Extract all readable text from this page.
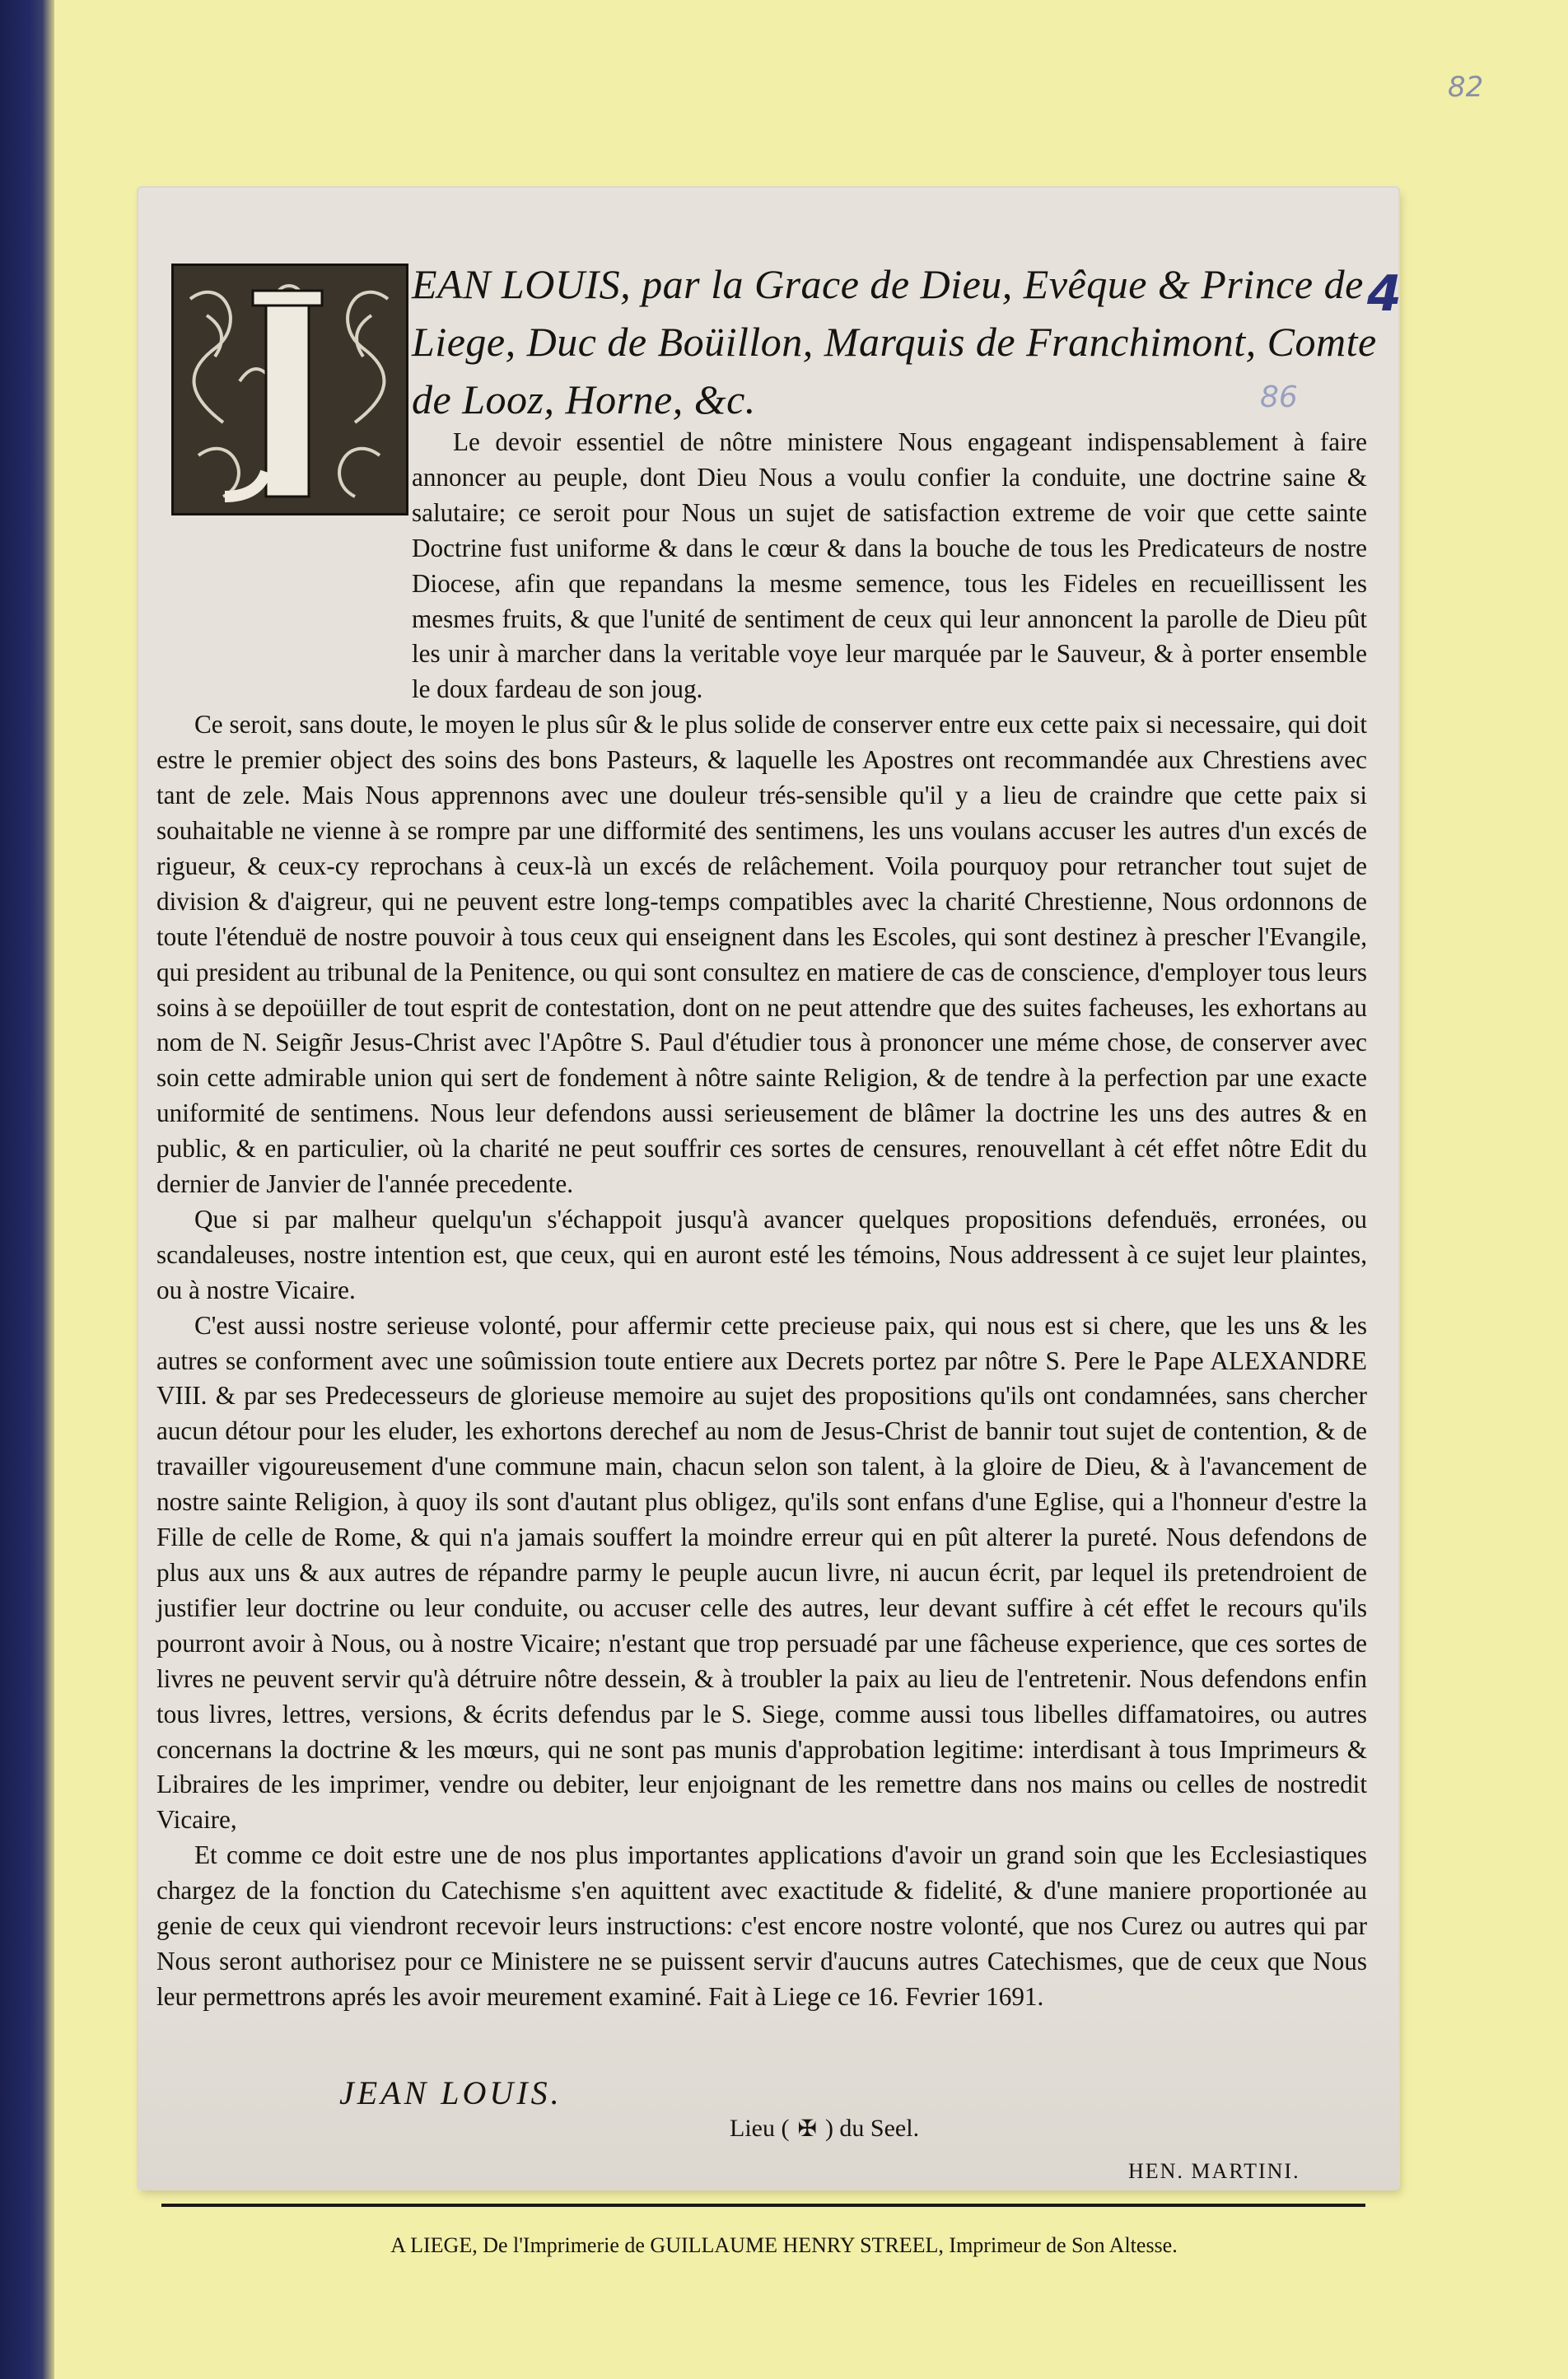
82
4
86
EAN LOUIS, par la Grace de Dieu, Evêque & Prince de Liege, Duc de Boüillon, Marquis de Franchimont, Comte de Looz, Horne, &c.

Le devoir essentiel de nôtre ministere Nous engageant indispensablement à faire annoncer au peuple, dont Dieu Nous a voulu confier la conduite, une doctrine saine & salutaire; ce seroit pour Nous un sujet de satisfaction extreme de voir que cette sainte Doctrine fust uniforme & dans le cœur & dans la bouche de tous les Predicateurs de nostre Diocese, afin que repandans la mesme semence, tous les Fideles en recueillissent les mesmes fruits, & que l'unité de sentiment de ceux qui leur annoncent la parolle de Dieu pût les unir à marcher dans la veritable voye leur marquée par le Sauveur, & à porter ensemble le doux fardeau de son joug.

Ce seroit, sans doute, le moyen le plus sûr & le plus solide de conserver entre eux cette paix si necessaire, qui doit estre le premier object des soins des bons Pasteurs, & laquelle les Apostres ont recommandée aux Chrestiens avec tant de zele. Mais Nous apprennons avec une douleur trés-sensible qu'il y a lieu de craindre que cette paix si souhaitable ne vienne à se rompre par une difformité des sentimens, les uns voulans accuser les autres d'un excés de rigueur, & ceux-cy reprochans à ceux-là un excés de relâchement. Voila pourquoy pour retrancher tout sujet de division & d'aigreur, qui ne peuvent estre long-temps compatibles avec la charité Chrestienne, Nous ordonnons de toute l'étenduë de nostre pouvoir à tous ceux qui enseignent dans les Escoles, qui sont destinez à prescher l'Evangile, qui president au tribunal de la Penitence, ou qui sont consultez en matiere de cas de conscience, d'employer tous leurs soins à se depoüiller de tout esprit de contestation, dont on ne peut attendre que des suites facheuses, les exhortans au nom de N. Seigñr Jesus-Christ avec l'Apôtre S. Paul d'étudier tous à prononcer une méme chose, de conserver avec soin cette admirable union qui sert de fondement à nôtre sainte Religion, & de tendre à la perfection par une exacte uniformité de sentimens. Nous leur defendons aussi serieusement de blâmer la doctrine les uns des autres & en public, & en particulier, où la charité ne peut souffrir ces sortes de censures, renouvellant à cét effet nôtre Edit du dernier de Janvier de l'année precedente.

Que si par malheur quelqu'un s'échappoit jusqu'à avancer quelques propositions defenduës, erronées, ou scandaleuses, nostre intention est, que ceux, qui en auront esté les témoins, Nous addressent à ce sujet leur plaintes, ou à nostre Vicaire.

C'est aussi nostre serieuse volonté, pour affermir cette precieuse paix, qui nous est si chere, que les uns & les autres se conforment avec une soûmission toute entiere aux Decrets portez par nôtre S. Pere le Pape ALEXANDRE VIII. & par ses Predecesseurs de glorieuse memoire au sujet des propositions qu'ils ont condamnées, sans chercher aucun détour pour les eluder, les exhortons derechef au nom de Jesus-Christ de bannir tout sujet de contention, & de travailler vigoureusement d'une commune main, chacun selon son talent, à la gloire de Dieu, & à l'avancement de nostre sainte Religion, à quoy ils sont d'autant plus obligez, qu'ils sont enfans d'une Eglise, qui a l'honneur d'estre la Fille de celle de Rome, & qui n'a jamais souffert la moindre erreur qui en pût alterer la pureté. Nous defendons de plus aux uns & aux autres de répandre parmy le peuple aucun livre, ni aucun écrit, par lequel ils pretendroient de justifier leur doctrine ou leur conduite, ou accuser celle des autres, leur devant suffire à cét effet le recours qu'ils pourront avoir à Nous, ou à nostre Vicaire; n'estant que trop persuadé par une fâcheuse experience, que ces sortes de livres ne peuvent servir qu'à détruire nôtre dessein, & à troubler la paix au lieu de l'entretenir. Nous defendons enfin tous livres, lettres, versions, & écrits defendus par le S. Siege, comme aussi tous libelles diffamatoires, ou autres concernans la doctrine & les mœurs, qui ne sont pas munis d'approbation legitime: interdisant à tous Imprimeurs & Libraires de les imprimer, vendre ou debiter, leur enjoignant de les remettre dans nos mains ou celles de nostredit Vicaire,

Et comme ce doit estre une de nos plus importantes applications d'avoir un grand soin que les Ecclesiastiques chargez de la fonction du Catechisme s'en aquittent avec exactitude & fidelité, & d'une maniere proportionée au genie de ceux qui viendront recevoir leurs instructions: c'est encore nostre volonté, que nos Curez ou autres qui par Nous seront authorisez pour ce Ministere ne se puissent servir d'aucuns autres Catechismes, que de ceux que Nous leur permettrons aprés les avoir meurement examiné. Fait à Liege ce 16. Fevrier 1691.

JEAN LOUIS.
Lieu ( ✠ ) du Seel.
HEN. MARTINI.
A LIEGE, De l'Imprimerie de GUILLAUME HENRY STREEL, Imprimeur de Son Altesse.
